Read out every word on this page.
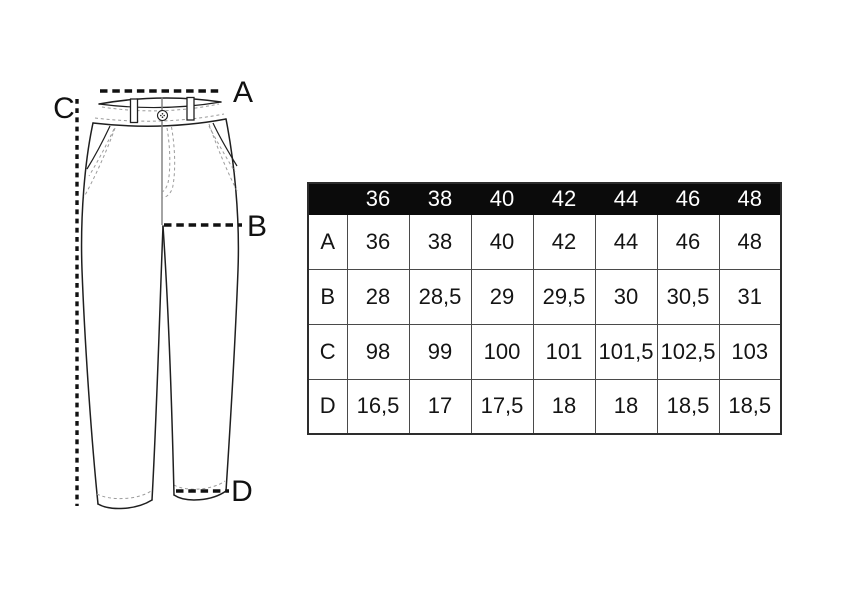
A
B
C
D
	36	38	40	42	44	46	48
A	36	38	40	42	44	46	48
B	28	28,5	29	29,5	30	30,5	31
C	98	99	100	101	101,5	102,5	103
D	16,5	17	17,5	18	18	18,5	18,5
